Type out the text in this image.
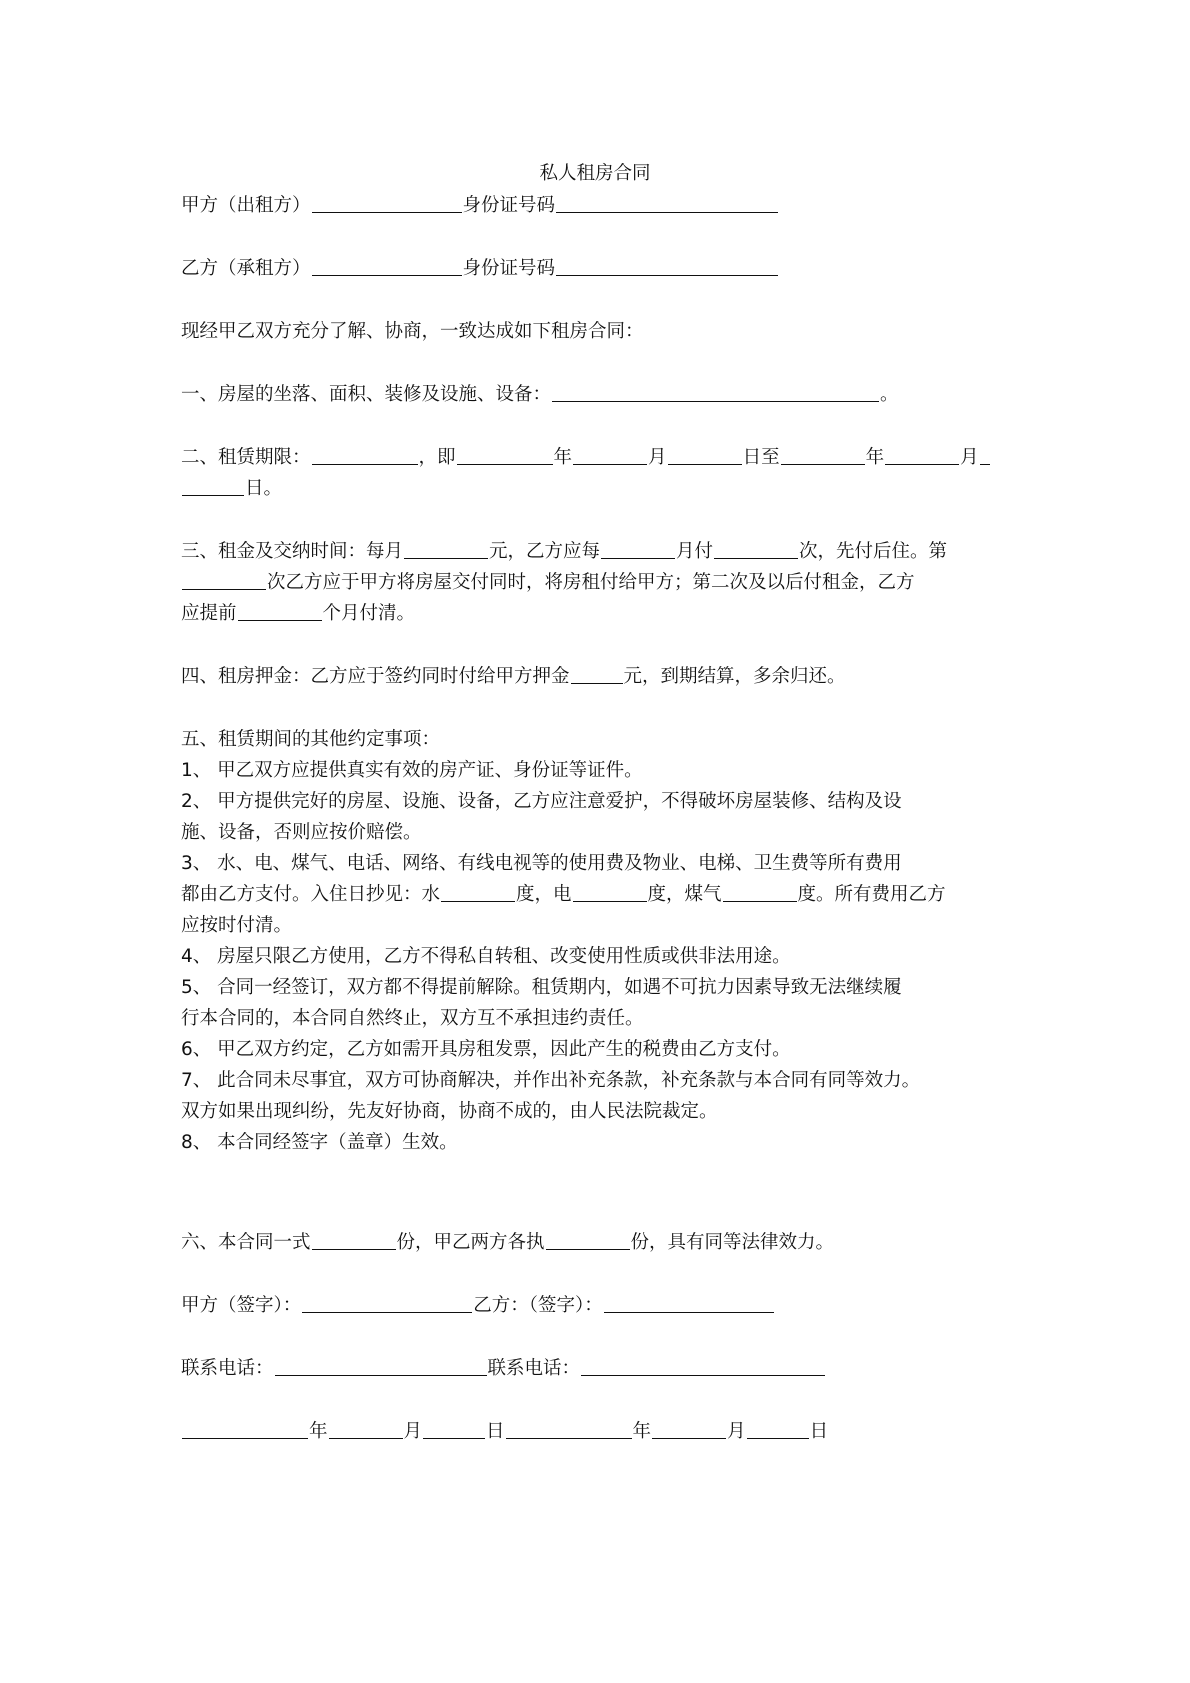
私人租房合同
甲方（出租方）	身份证号码
乙方（承租方）	身份证号码
现经甲乙双方充分了解、协商，一致达成如下租房合同：
一、房屋的坐落、面积、装修及设施、设备：	。
二、租赁期限：	，即	年	月	日至	年	月
日。
三、租金及交纳时间：每月	元，乙方应每	月付	次，先付后住。第
次乙方应于甲方将房屋交付同时，将房租付给甲方；第二次及以后付租金，乙方
应提前	个月付清。
四、租房押金：乙方应于签约同时付给甲方押金	元，到期结算，多余归还。
五、租赁期间的其他约定事项：
1、 甲乙双方应提供真实有效的房产证、身份证等证件。
2、 甲方提供完好的房屋、设施、设备，乙方应注意爱护，不得破坏房屋装修、结构及设
施、设备，否则应按价赔偿。
3、 水、电、煤气、电话、网络、有线电视等的使用费及物业、电梯、卫生费等所有费用
都由乙方支付。入住日抄见：水	度，电	度，煤气	度。所有费用乙方
应按时付清。
4、 房屋只限乙方使用，乙方不得私自转租、改变使用性质或供非法用途。
5、 合同一经签订，双方都不得提前解除。租赁期内，如遇不可抗力因素导致无法继续履
行本合同的，本合同自然终止，双方互不承担违约责任。
6、 甲乙双方约定，乙方如需开具房租发票，因此产生的税费由乙方支付。
7、 此合同未尽事宜，双方可协商解决，并作出补充条款，补充条款与本合同有同等效力。
双方如果出现纠纷，先友好协商，协商不成的，由人民法院裁定。
8、 本合同经签字（盖章）生效。
六、本合同一式	份，甲乙两方各执	份，具有同等法律效力。
甲方（签字）：	乙方：（签字）：
联系电话：	联系电话：
年	月	日	年	月	日
